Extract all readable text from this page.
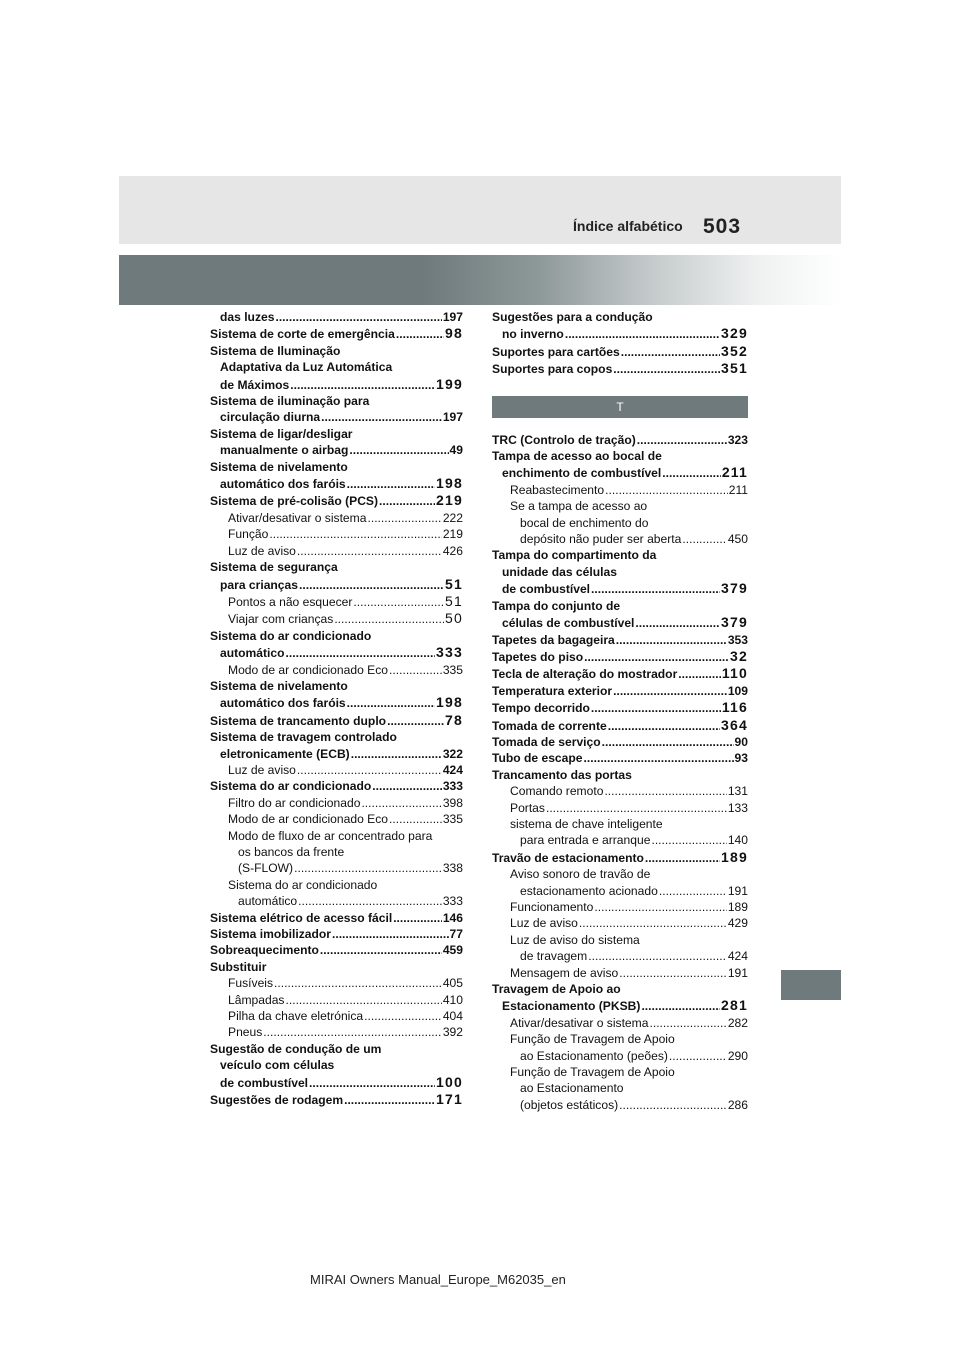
Índice alfabético 503
das luzes .....	197
Sistema de corte de emergência .....	98
Sistema de Iluminação
Adaptativa da Luz Automática
de Máximos .....	199
Sistema de iluminação para
circulação diurna .....	197
Sistema de ligar/desligar
manualmente o airbag .....	49
Sistema de nivelamento
automático dos faróis .....	198
Sistema de pré-colisão (PCS) .....	219
Ativar/desativar o sistema .....	222
Função .....	219
Luz de aviso .....	426
Sistema de segurança
para crianças .....	51
Pontos a não esquecer .....	51
Viajar com crianças .....	50
Sistema do ar condicionado
automático .....	333
Modo de ar condicionado Eco .....	335
Sistema de nivelamento
automático dos faróis .....	198
Sistema de trancamento duplo .....	78
Sistema de travagem controlado
eletronicamente (ECB) .....	322
Luz de aviso .....	424
Sistema do ar condicionado .....	333
Filtro do ar condicionado .....	398
Modo de ar condicionado Eco .....	335
Modo de fluxo de ar concentrado para
os bancos da frente
(S-FLOW) .....	338
Sistema do ar condicionado
automático .....	333
Sistema elétrico de acesso fácil .....	146
Sistema imobilizador .....	77
Sobreaquecimento .....	459
Substituir
Fusíveis .....	405
Lâmpadas .....	410
Pilha da chave eletrónica .....	404
Pneus .....	392
Sugestão de condução de um
veículo com células
de combustível .....	100
Sugestões de rodagem .....	171
Sugestões para a condução
no inverno .....	329
Suportes para cartões .....	352
Suportes para copos .....	351
T
TRC (Controlo de tração) .....	323
Tampa de acesso ao bocal de
enchimento de combustível .....	211
Reabastecimento .....	211
Se a tampa de acesso ao
bocal de enchimento do
depósito não puder ser aberta .....	450
Tampa do compartimento da
unidade das células
de combustível .....	379
Tampa do conjunto de
células de combustível .....	379
Tapetes da bagageira .....	353
Tapetes do piso .....	32
Tecla de alteração do mostrador .....	110
Temperatura exterior .....	109
Tempo decorrido .....	116
Tomada de corrente .....	364
Tomada de serviço .....	90
Tubo de escape .....	93
Trancamento das portas
Comando remoto .....	131
Portas .....	133
sistema de chave inteligente
para entrada e arranque .....	140
Travão de estacionamento .....	189
Aviso sonoro de travão de
estacionamento acionado .....	191
Funcionamento .....	189
Luz de aviso .....	429
Luz de aviso do sistema
de travagem .....	424
Mensagem de aviso .....	191
Travagem de Apoio ao
Estacionamento (PKSB) .....	281
Ativar/desativar o sistema .....	282
Função de Travagem de Apoio
ao Estacionamento (peões) .....	290
Função de Travagem de Apoio
ao Estacionamento
(objetos estáticos) .....	286
MIRAI Owners Manual_Europe_M62035_en
